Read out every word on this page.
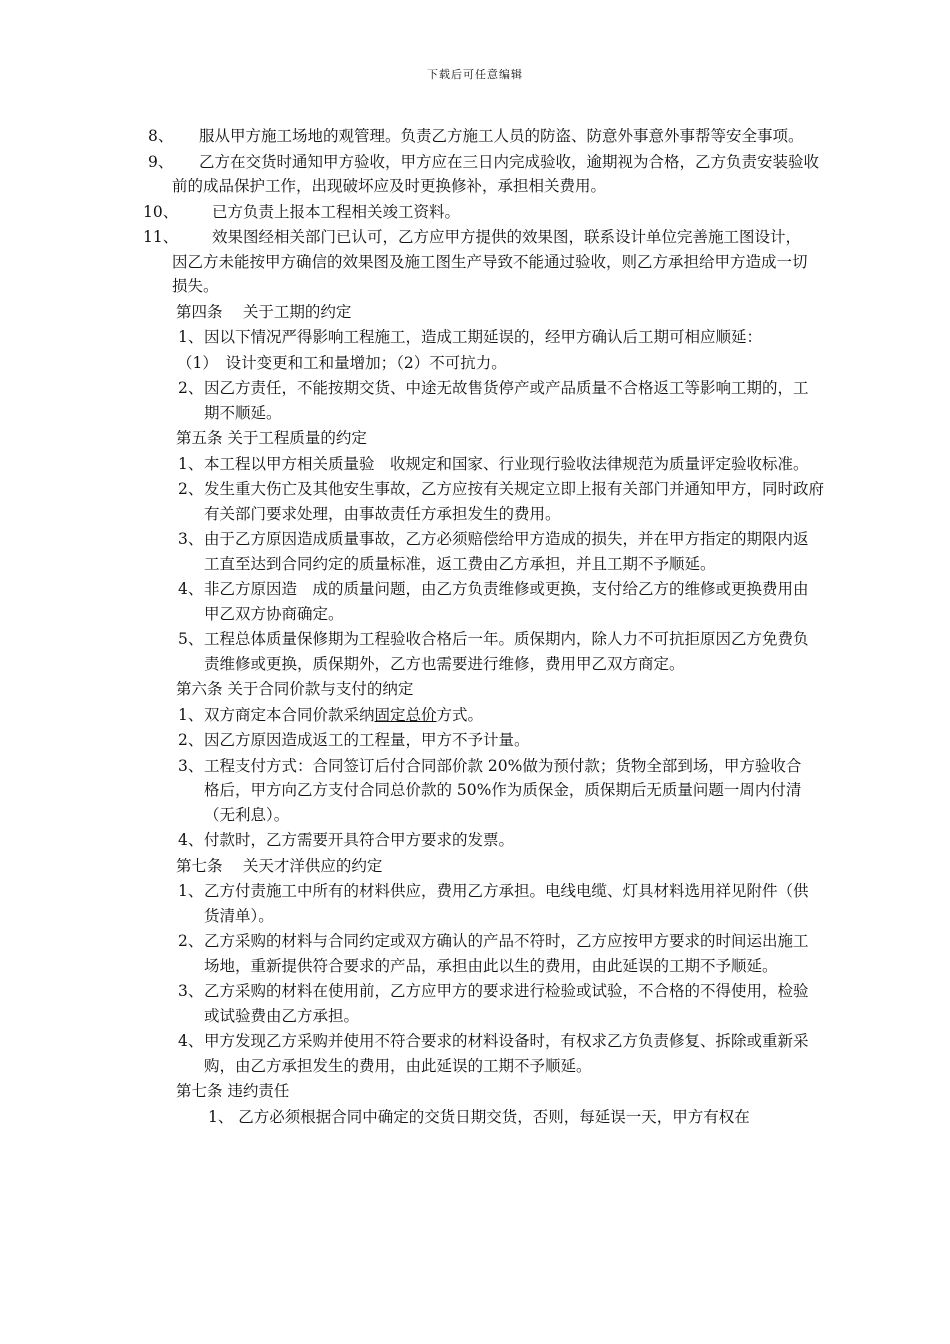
下载后可任意编辑
8、	服从甲方施工场地的观管理。负责乙方施工人员的防盗、防意外事意外事帮等安全事项。
9、	乙方在交货时通知甲方验收，甲方应在三日内完成验收，逾期视为合格，乙方负责安装验收前的成品保护工作，出现破坏应及时更换修补，承担相关费用。
10、	已方负责上报本工程相关竣工资料。
11、	效果图经相关部门已认可，乙方应甲方提供的效果图，联系设计单位完善施工图设计，因乙方未能按甲方确信的效果图及施工图生产导致不能通过验收，则乙方承担给甲方造成一切损失。
第四条　 关于工期的约定
1、 因以下情况严得影响工程施工，造成工期延误的，经甲方确认后工期可相应顺延：
（1）　设计变更和工和量增加；（2）不可抗力。
2、 因乙方责任，不能按期交货、中途无故售货停产或产品质量不合格返工等影响工期的，工期不顺延。
第五条 关于工程质量的约定
1、 本工程以甲方相关质量验　收规定和国家、行业现行验收法律规范为质量评定验收标准。
2、 发生重大伤亡及其他安生事故，乙方应按有关规定立即上报有关部门并通知甲方，同时政府有关部门要求处理，由事故责任方承担发生的费用。
3、 由于乙方原因造成质量事故，乙方必须赔偿给甲方造成的损失，并在甲方指定的期限内返工直至达到合同约定的质量标准，返工费由乙方承担，并且工期不予顺延。
4、 非乙方原因造　成的质量问题，由乙方负责维修或更换，支付给乙方的维修或更换费用由甲乙双方协商确定。
5、 工程总体质量保修期为工程验收合格后一年。质保期内，除人力不可抗拒原因乙方免费负责维修或更换，质保期外，乙方也需要进行维修，费用甲乙双方商定。
第六条 关于合同价款与支付的纳定
1、 双方商定本合同价款采纳固定总价方式。
2、 因乙方原因造成返工的工程量，甲方不予计量。
3、 工程支付方式：合同签订后付合同部价款 20%做为预付款；货物全部到场，甲方验收合格后，甲方向乙方支付合同总价款的 50%作为质保金，质保期后无质量问题一周内付清（无利息）。
4、 付款时，乙方需要开具符合甲方要求的发票。
第七条　 关天才洋供应的约定
1、 乙方付责施工中所有的材料供应，费用乙方承担。电线电缆、灯具材料选用祥见附件（供货清单）。
2、 乙方采购的材料与合同约定或双方确认的产品不符时，乙方应按甲方要求的时间运出施工场地，重新提供符合要求的产品，承担由此以生的费用，由此延误的工期不予顺延。
3、 乙方采购的材料在使用前，乙方应甲方的要求进行检验或试验，不合格的不得使用，检验或试验费由乙方承担。
4、 甲方发现乙方采购并使用不符合要求的材料设备时，有权求乙方负责修复、拆除或重新采购，由乙方承担发生的费用，由此延误的工期不予顺延。
第七条 违约责任
1、 乙方必须根据合同中确定的交货日期交货，否则，每延误一天，甲方有权在
